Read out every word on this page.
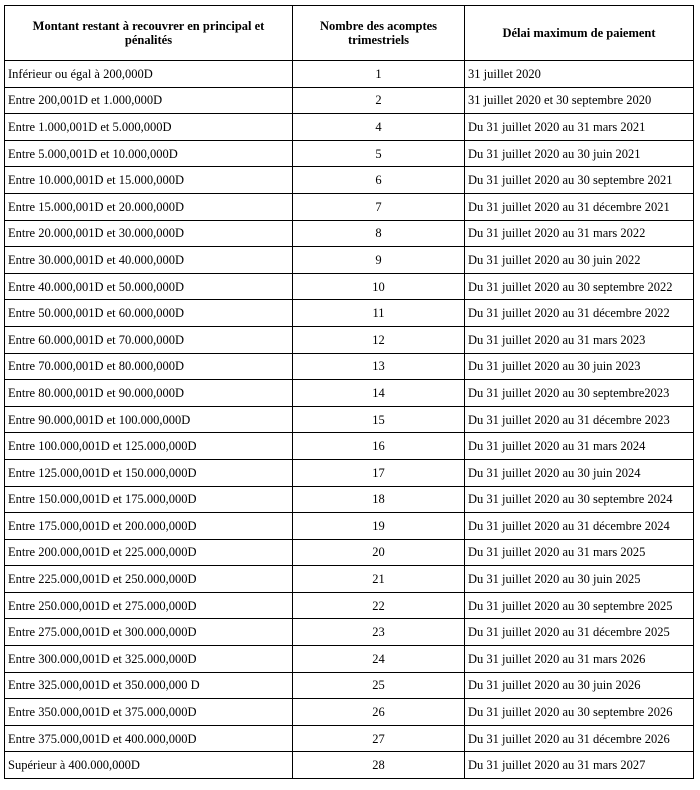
Montant restant à recouvrer en principal et pénalités	Nombre des acomptes trimestriels	Délai maximum de paiement
Inférieur ou égal à 200,000D	1	31 juillet 2020
Entre 200,001D et 1.000,000D	2	31 juillet 2020 et 30 septembre 2020
Entre 1.000,001D et 5.000,000D	4	Du 31 juillet 2020 au 31 mars 2021
Entre 5.000,001D et 10.000,000D	5	Du 31 juillet 2020 au 30 juin 2021
Entre 10.000,001D et 15.000,000D	6	Du 31 juillet 2020 au 30 septembre 2021
Entre 15.000,001D et 20.000,000D	7	Du 31 juillet 2020 au 31 décembre 2021
Entre 20.000,001D et 30.000,000D	8	Du 31 juillet 2020 au 31 mars 2022
Entre 30.000,001D et 40.000,000D	9	Du 31 juillet 2020 au 30 juin 2022
Entre 40.000,001D et 50.000,000D	10	Du 31 juillet 2020 au 30 septembre 2022
Entre 50.000,001D et 60.000,000D	11	Du 31 juillet 2020 au 31 décembre 2022
Entre 60.000,001D et 70.000,000D	12	Du 31 juillet 2020 au 31 mars 2023
Entre 70.000,001D et 80.000,000D	13	Du 31 juillet 2020 au 30 juin 2023
Entre 80.000,001D et 90.000,000D	14	Du 31 juillet 2020 au 30 septembre2023
Entre 90.000,001D et 100.000,000D	15	Du 31 juillet 2020 au 31 décembre 2023
Entre 100.000,001D et 125.000,000D	16	Du 31 juillet 2020 au 31 mars 2024
Entre 125.000,001D et 150.000,000D	17	Du 31 juillet 2020 au 30 juin 2024
Entre 150.000,001D et 175.000,000D	18	Du 31 juillet 2020 au 30 septembre 2024
Entre 175.000,001D et 200.000,000D	19	Du 31 juillet 2020 au 31 décembre 2024
Entre 200.000,001D et 225.000,000D	20	Du 31 juillet 2020 au 31 mars 2025
Entre 225.000,001D et 250.000,000D	21	Du 31 juillet 2020 au 30 juin 2025
Entre 250.000,001D et 275.000,000D	22	Du 31 juillet 2020 au 30 septembre 2025
Entre 275.000,001D et 300.000,000D	23	Du 31 juillet 2020 au 31 décembre 2025
Entre 300.000,001D et 325.000,000D	24	Du 31 juillet 2020 au 31 mars 2026
Entre 325.000,001D et 350.000,000 D	25	Du 31 juillet 2020 au 30 juin 2026
Entre 350.000,001D et 375.000,000D	26	Du 31 juillet 2020 au 30 septembre 2026
Entre 375.000,001D et 400.000,000D	27	Du 31 juillet 2020 au 31 décembre 2026
Supérieur à 400.000,000D	28	Du 31 juillet 2020 au 31 mars 2027
